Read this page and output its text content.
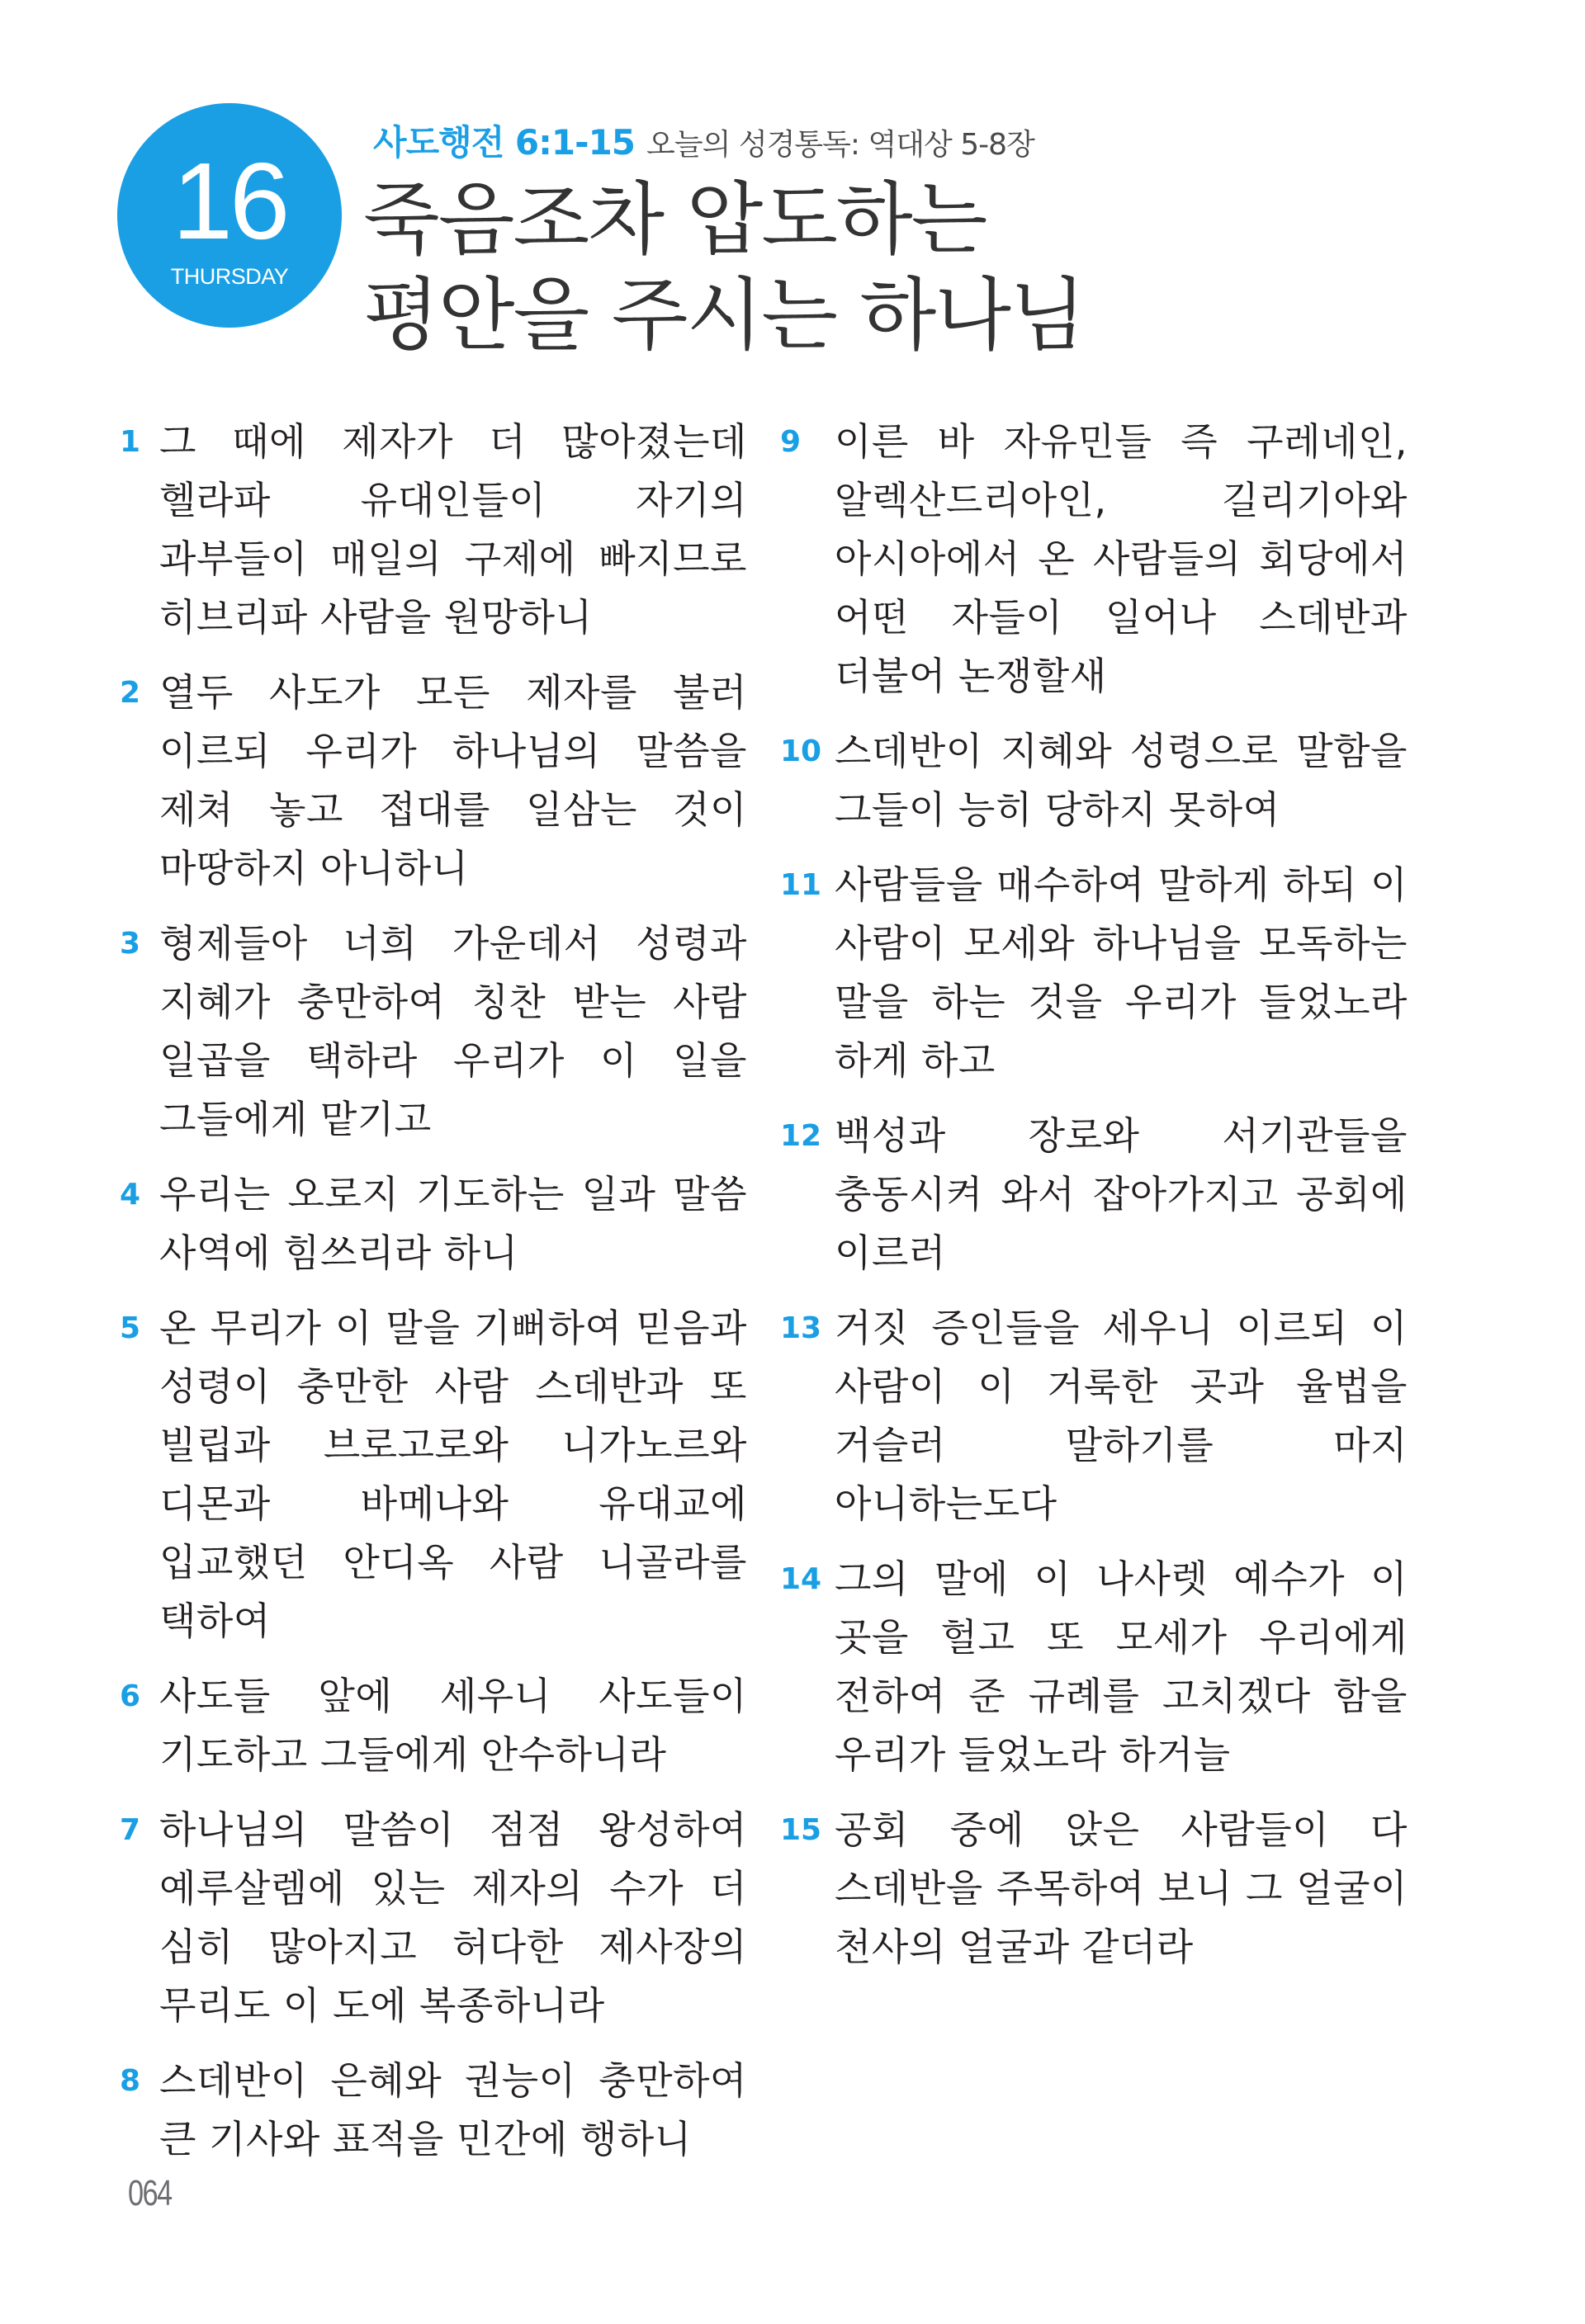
16
THURSDAY
사도행전 6:1-15 오늘의 성경통독: 역대상 5-8장
죽음조차 압도하는
평안을 주시는 하나님
1 그 때에 제자가 더 많아졌는데 헬라파 유대인들이 자기의 과부들이 매일의 구제에 빠지므로 히브리파 사람을 원망하니
2 열두 사도가 모든 제자를 불러 이르되 우리가 하나님의 말씀을 제쳐 놓고 접대를 일삼는 것이 마땅하지 아니하니
3 형제들아 너희 가운데서 성령과 지혜가 충만하여 칭찬 받는 사람 일곱을 택하라 우리가 이 일을 그들에게 맡기고
4 우리는 오로지 기도하는 일과 말씀 사역에 힘쓰리라 하니
5 온 무리가 이 말을 기뻐하여 믿음과 성령이 충만한 사람 스데반과 또 빌립과 브로고로와 니가노르와 디몬과 바메나와 유대교에 입교했던 안디옥 사람 니골라를 택하여
6 사도들 앞에 세우니 사도들이 기도하고 그들에게 안수하니라
7 하나님의 말씀이 점점 왕성하여 예루살렘에 있는 제자의 수가 더 심히 많아지고 허다한 제사장의 무리도 이 도에 복종하니라
8 스데반이 은혜와 권능이 충만하여 큰 기사와 표적을 민간에 행하니
9 이른 바 자유민들 즉 구레네인, 알렉산드리아인, 길리기아와 아시아에서 온 사람들의 회당에서 어떤 자들이 일어나 스데반과 더불어 논쟁할새
10 스데반이 지혜와 성령으로 말함을 그들이 능히 당하지 못하여
11 사람들을 매수하여 말하게 하되 이 사람이 모세와 하나님을 모독하는 말을 하는 것을 우리가 들었노라 하게 하고
12 백성과 장로와 서기관들을 충동시켜 와서 잡아가지고 공회에 이르러
13 거짓 증인들을 세우니 이르되 이 사람이 이 거룩한 곳과 율법을 거슬러 말하기를 마지 아니하는도다
14 그의 말에 이 나사렛 예수가 이 곳을 헐고 또 모세가 우리에게 전하여 준 규례를 고치겠다 함을 우리가 들었노라 하거늘
15 공회 중에 앉은 사람들이 다 스데반을 주목하여 보니 그 얼굴이 천사의 얼굴과 같더라
064
